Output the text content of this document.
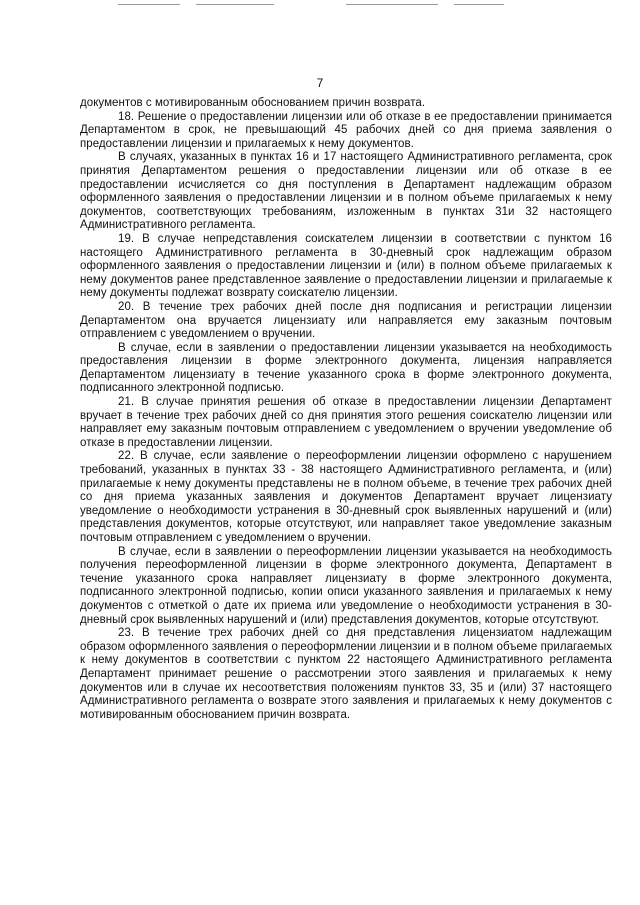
7

документов с мотивированным обоснованием причин возврата.

18. Решение о предоставлении лицензии или об отказе в ее предоставлении принимается Департаментом в срок, не превышающий 45 рабочих дней со дня приема заявления о предоставлении лицензии и прилагаемых к нему документов.

В случаях, указанных в пунктах 16 и 17 настоящего Административного регламента, срок принятия Департаментом решения о предоставлении лицензии или об отказе в ее предоставлении исчисляется со дня поступления в Департамент надлежащим образом оформленного заявления о предоставлении лицензии и в полном объеме прилагаемых к нему документов, соответствующих требованиям, изложенным в пунктах 31и 32 настоящего Административного регламента.

19. В случае непредставления соискателем лицензии в соответствии с пунктом 16 настоящего Административного регламента в 30-дневный срок надлежащим образом оформленного заявления о предоставлении лицензии и (или) в полном объеме прилагаемых к нему документов ранее представленное заявление о предоставлении лицензии и прилагаемые к нему документы подлежат возврату соискателю лицензии.

20. В течение трех рабочих дней после дня подписания и регистрации лицензии Департаментом она вручается лицензиату или направляется ему заказным почтовым отправлением с уведомлением о вручении.

В случае, если в заявлении о предоставлении лицензии указывается на необходимость предоставления лицензии в форме электронного документа, лицензия направляется Департаментом лицензиату в течение указанного срока в форме электронного документа, подписанного электронной подписью.

21. В случае принятия решения об отказе в предоставлении лицензии Департамент вручает в течение трех рабочих дней со дня принятия этого решения соискателю лицензии или направляет ему заказным почтовым отправлением с уведомлением о вручении уведомление об отказе в предоставлении лицензии.

22. В случае, если заявление о переоформлении лицензии оформлено с нарушением требований, указанных в пунктах 33 - 38 настоящего Административного регламента, и (или) прилагаемые к нему документы представлены не в полном объеме, в течение трех рабочих дней со дня приема указанных заявления и документов Департамент вручает лицензиату уведомление о необходимости устранения в 30-дневный срок выявленных нарушений и (или) представления документов, которые отсутствуют, или направляет такое уведомление заказным почтовым отправлением с уведомлением о вручении.

В случае, если в заявлении о переоформлении лицензии указывается на необходимость получения переоформленной лицензии в форме электронного документа, Департамент в течение указанного срока направляет лицензиату в форме электронного документа, подписанного электронной подписью, копии описи указанного заявления и прилагаемых к нему документов с отметкой о дате их приема или уведомление о необходимости устранения в 30-дневный срок выявленных нарушений и (или) представления документов, которые отсутствуют.

23. В течение трех рабочих дней со дня представления лицензиатом надлежащим образом оформленного заявления о переоформлении лицензии и в полном объеме прилагаемых к нему документов в соответствии с пунктом 22 настоящего Административного регламента Департамент принимает решение о рассмотрении этого заявления и прилагаемых к нему документов или в случае их несоответствия положениям пунктов 33, 35 и (или) 37 настоящего Административного регламента о возврате этого заявления и прилагаемых к нему документов с мотивированным обоснованием причин возврата.
